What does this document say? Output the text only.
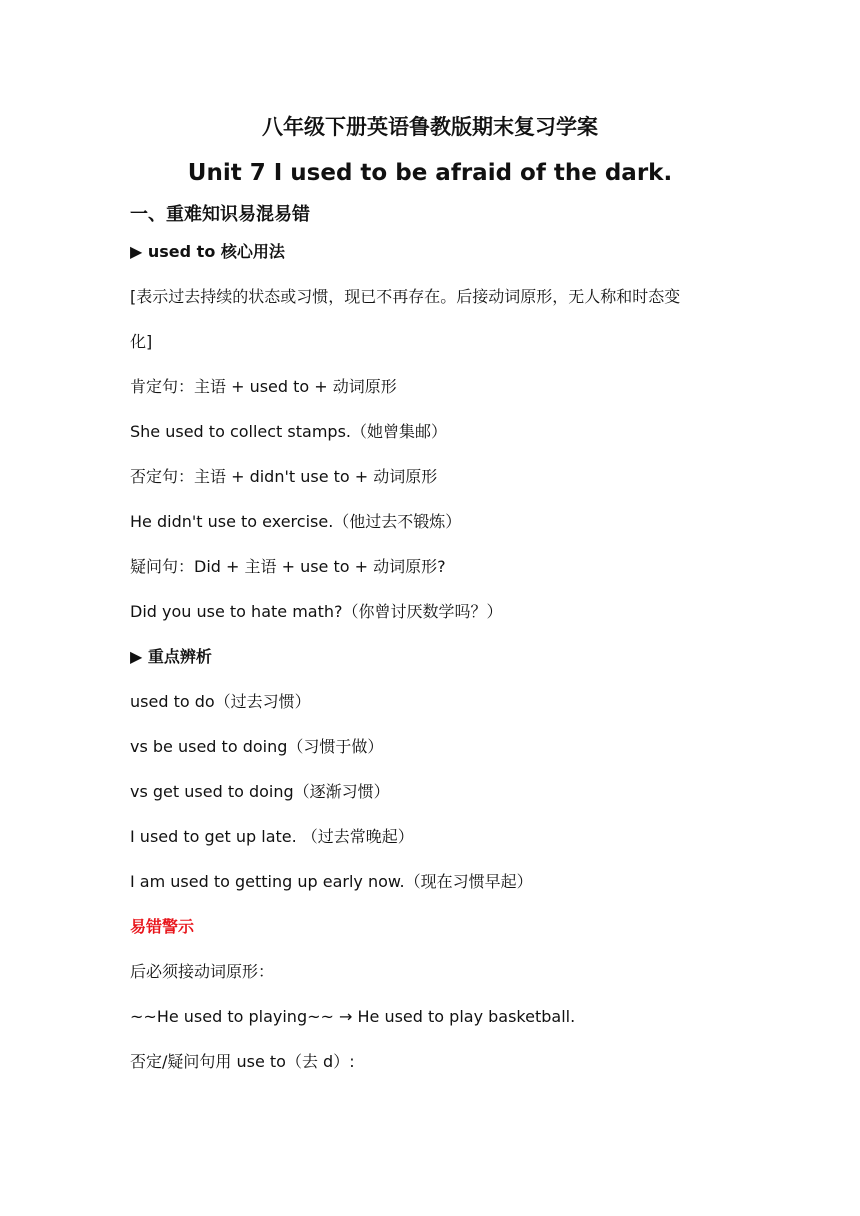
八年级下册英语鲁教版期末复习学案
Unit 7 I used to be afraid of the dark.
一、重难知识易混易错
▶ used to 核心用法
[表示过去持续的状态或习惯，现已不再存在。后接动词原形，无人称和时态变
化]
肯定句：主语 + used to + 动词原形
She used to collect stamps.（她曾集邮）
否定句：主语 + didn't use to + 动词原形
He didn't use to exercise.（他过去不锻炼）
疑问句：Did + 主语 + use to + 动词原形?
Did you use to hate math?（你曾讨厌数学吗？）
▶ 重点辨析
used to do（过去习惯）
vs be used to doing（习惯于做）
vs get used to doing（逐渐习惯）
I used to get up late. （过去常晚起）
I am used to getting up early now.（现在习惯早起）
易错警示
后必须接动词原形：
~~He used to playing~~ → He used to play basketball.
否定/疑问句用 use to（去 d）:
